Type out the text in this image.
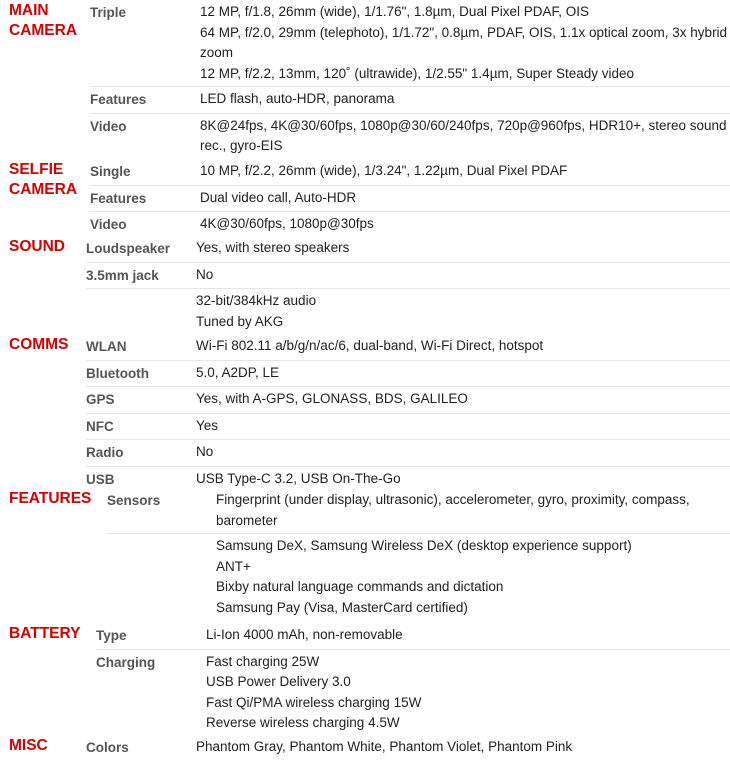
MAIN
CAMERA	Triple	12 MP, f/1.8, 26mm (wide), 1/1.76", 1.8µm, Dual Pixel PDAF, OIS
64 MP, f/2.0, 29mm (telephoto), 1/1.72", 0.8µm, PDAF, OIS, 1.1x optical zoom, 3x hybrid zoom
12 MP, f/2.2, 13mm, 120˚ (ultrawide), 1/2.55" 1.4µm, Super Steady video

	Features	LED flash, auto-HDR, panorama

	Video	8K@24fps, 4K@30/60fps, 1080p@30/60/240fps, 720p@960fps, HDR10+, stereo sound rec., gyro-EIS
SELFIE
CAMERA	Single	10 MP, f/2.2, 26mm (wide), 1/3.24", 1.22µm, Dual Pixel PDAF

	Features	Dual video call, Auto-HDR

	Video	4K@30/60fps, 1080p@30fps
SOUND	Loudspeaker	Yes, with stereo speakers

	3.5mm jack	No

		32-bit/384kHz audio
Tuned by AKG
COMMS	WLAN	Wi-Fi 802.11 a/b/g/n/ac/6, dual-band, Wi-Fi Direct, hotspot

	Bluetooth	5.0, A2DP, LE

	GPS	Yes, with A-GPS, GLONASS, BDS, GALILEO

	NFC	Yes

	Radio	No

	USB	USB Type-C 3.2, USB On-The-Go
FEATURES	Sensors	Fingerprint (under display, ultrasonic), accelerometer, gyro, proximity, compass, barometer

		Samsung DeX, Samsung Wireless DeX (desktop experience support)
ANT+
Bixby natural language commands and dictation
Samsung Pay (Visa, MasterCard certified)
BATTERY	Type	Li-Ion 4000 mAh, non-removable

	Charging	Fast charging 25W
USB Power Delivery 3.0
Fast Qi/PMA wireless charging 15W
Reverse wireless charging 4.5W
MISC	Colors	Phantom Gray, Phantom White, Phantom Violet, Phantom Pink
